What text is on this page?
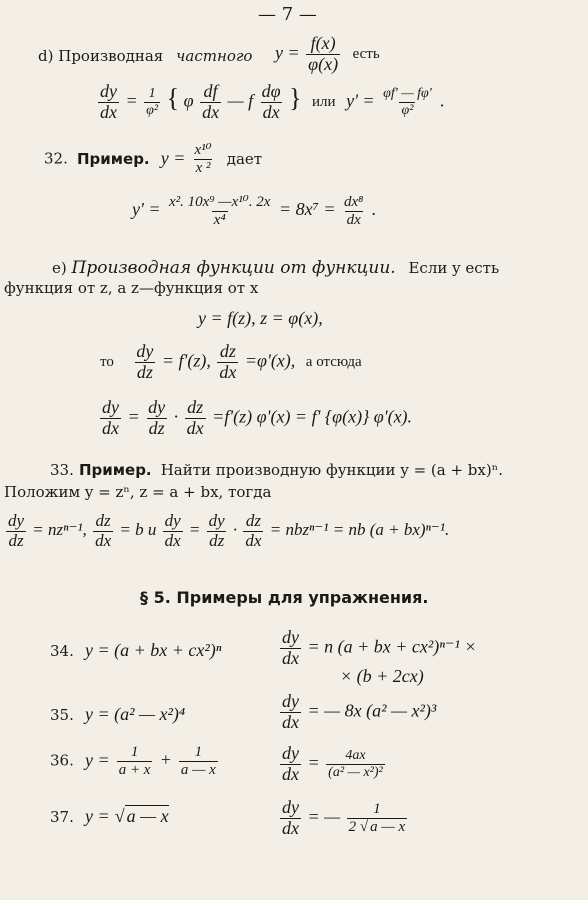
— 7 —
d) Производная частного $y = \frac{f(x)}{\varphi(x)}$ есть
$\frac{dy}{dx} = \frac{1}{\text{φ²}}$ { φ $\frac{df}{dx}$ — f $\frac{d\varphi}{dx}$ } или $y' = \frac{\varphi f' — f\varphi'}{\text{φ²}}$ .
32. Пример. $y = \frac{\text{x¹⁰}}{\text{x ²}}$ дает
$y' = \frac{\text{x². 10x⁹ —x¹⁰. 2x}}{\text{x⁴}} = 8x^7 = \frac{\text{dx⁸}}{dx}$ .
e) Производная функции от функции. Если y есть
функция от z, а z—функция от x
y = f(z), z = φ(x),
то $\frac{dy}{dz} = f'(z)$, $\frac{dz}{dx} =\varphi'(x)$, а отсюда
$\frac{dy}{dx} = \frac{dy}{dz} \cdot \frac{dz}{dx} =f'(z) \varphi'(x) = f'$ {φ(x)} φ'(x).
33. Пример. Найти производную функции y = (a + bx)ⁿ.
Положим y = zⁿ, z = a + bx, тогда
$\frac{dy}{dz} = nz^{n-1}$, $\frac{dz}{dx} = b$ и $\frac{dy}{dx} = \frac{dy}{dz} \cdot \frac{dz}{dx} = nbz^{n-1}$ = nb (a + bx)ⁿ⁻¹.
§ 5. Примеры для упражнения.
34. y = (a + bx + cx²)ⁿ	$\frac{dy}{dx} = n$ (a + bx + cx²)ⁿ⁻¹ ×
× (b + 2cx)
35. y = (a² — x²)⁴	$\frac{dy}{dx}$ = — 8x (a² — x²)³
36. $y = \frac{1}{a + x} + \frac{1}{a — x}$	$\frac{dy}{dx} = \frac{4ax}{\text{(a² — x²)²}}$
37. y = √ a — x	$\frac{dy}{dx}$ = — $\frac{1}{2 √ a — x}$
